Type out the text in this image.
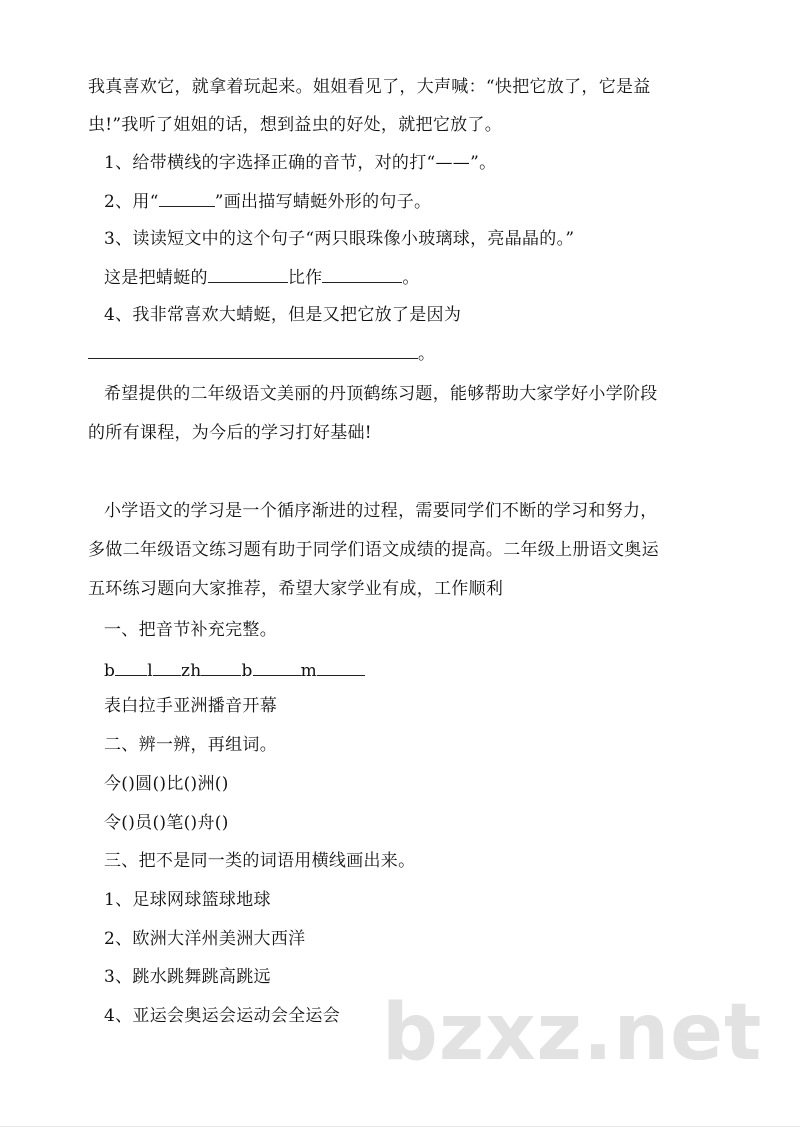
我真喜欢它，就拿着玩起来。姐姐看见了，大声喊：“快把它放了，它是益
虫!”我听了姐姐的话，想到益虫的好处，就把它放了。
1、给带横线的字选择正确的音节，对的打“——”。
2、用“	”画出描写蜻蜓外形的句子。
3、读读短文中的这个句子“两只眼珠像小玻璃球，亮晶晶的。”
这是把蜻蜓的	比作	。
4、我非常喜欢大蜻蜓，但是又把它放了是因为
。
希望提供的二年级语文美丽的丹顶鹤练习题，能够帮助大家学好小学阶段
的所有课程，为今后的学习打好基础!
小学语文的学习是一个循序渐进的过程，需要同学们不断的学习和努力，
多做二年级语文练习题有助于同学们语文成绩的提高。二年级上册语文奥运
五环练习题向大家推荐，希望大家学业有成，工作顺利
一、把音节补充完整。
b l zh b	m
表白拉手亚洲播音开幕
二、辨一辨，再组词。
今()圆()比()洲()
令()员()笔()舟()
三、把不是同一类的词语用横线画出来。
1、足球网球篮球地球
2、欧洲大洋州美洲大西洋
3、跳水跳舞跳高跳远
4、亚运会奥运会运动会全运会 bzxz.net
